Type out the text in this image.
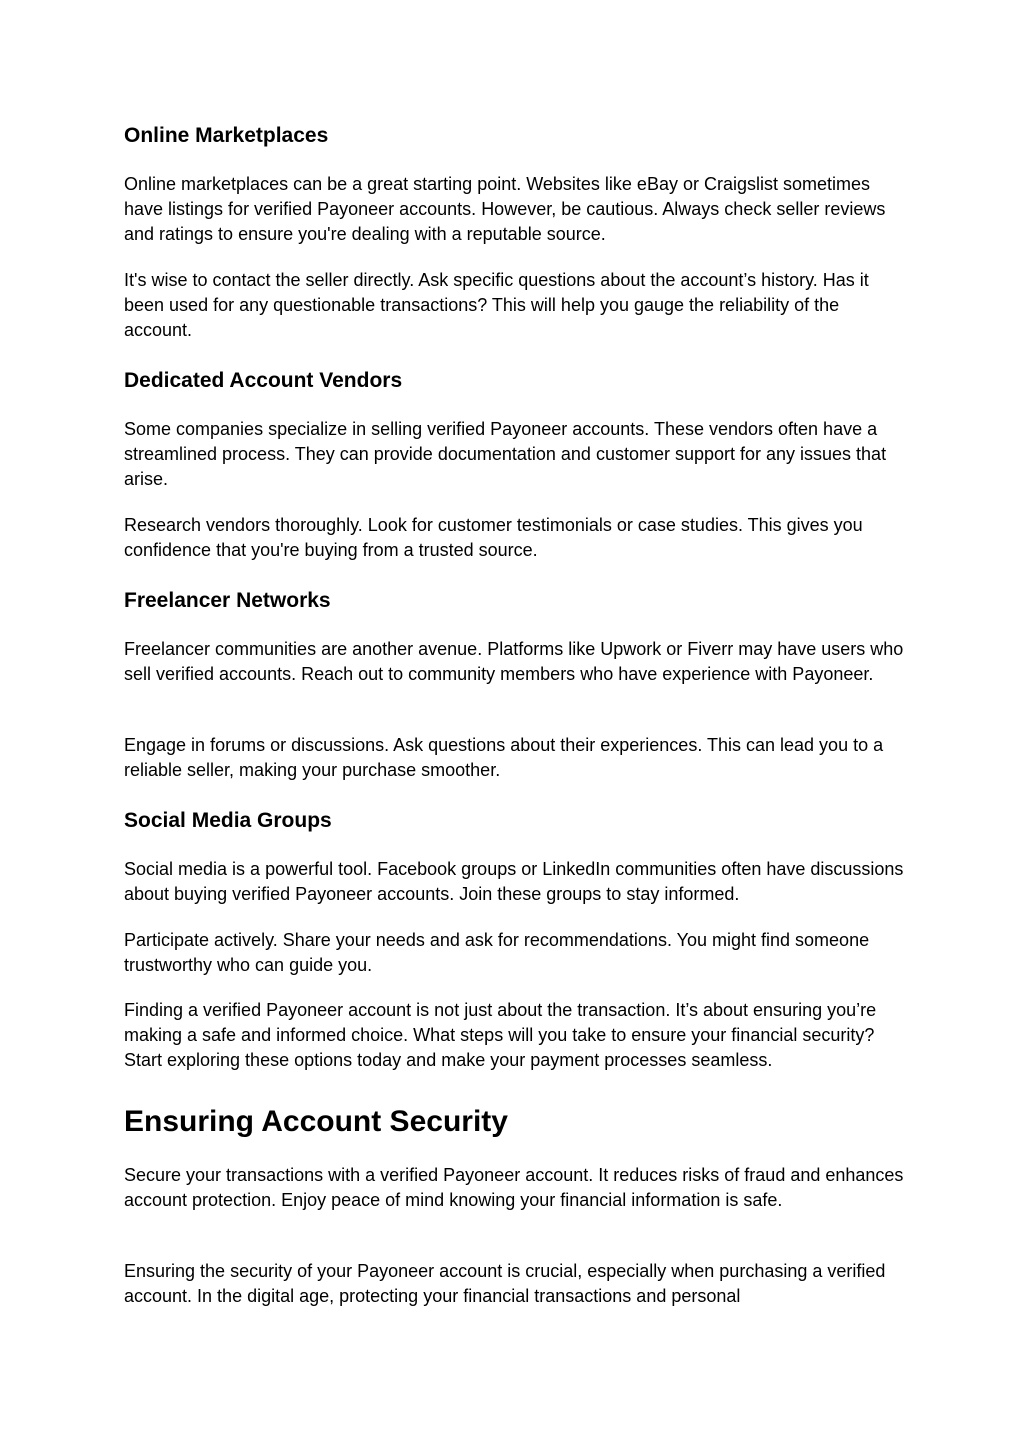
Online Marketplaces

Online marketplaces can be a great starting point. Websites like eBay or Craigslist sometimes have listings for verified Payoneer accounts. However, be cautious. Always check seller reviews and ratings to ensure you're dealing with a reputable source.

It's wise to contact the seller directly. Ask specific questions about the account’s history. Has it been used for any questionable transactions? This will help you gauge the reliability of the account.

Dedicated Account Vendors

Some companies specialize in selling verified Payoneer accounts. These vendors often have a streamlined process. They can provide documentation and customer support for any issues that arise.

Research vendors thoroughly. Look for customer testimonials or case studies. This gives you confidence that you're buying from a trusted source.

Freelancer Networks

Freelancer communities are another avenue. Platforms like Upwork or Fiverr may have users who sell verified accounts. Reach out to community members who have experience with Payoneer.

Engage in forums or discussions. Ask questions about their experiences. This can lead you to a reliable seller, making your purchase smoother.

Social Media Groups

Social media is a powerful tool. Facebook groups or LinkedIn communities often have discussions about buying verified Payoneer accounts. Join these groups to stay informed.

Participate actively. Share your needs and ask for recommendations. You might find someone trustworthy who can guide you.

Finding a verified Payoneer account is not just about the transaction. It’s about ensuring you’re making a safe and informed choice. What steps will you take to ensure your financial security? Start exploring these options today and make your payment processes seamless.

Ensuring Account Security

Secure your transactions with a verified Payoneer account. It reduces risks of fraud and enhances account protection. Enjoy peace of mind knowing your financial information is safe.

Ensuring the security of your Payoneer account is crucial, especially when purchasing a verified account. In the digital age, protecting your financial transactions and personal
